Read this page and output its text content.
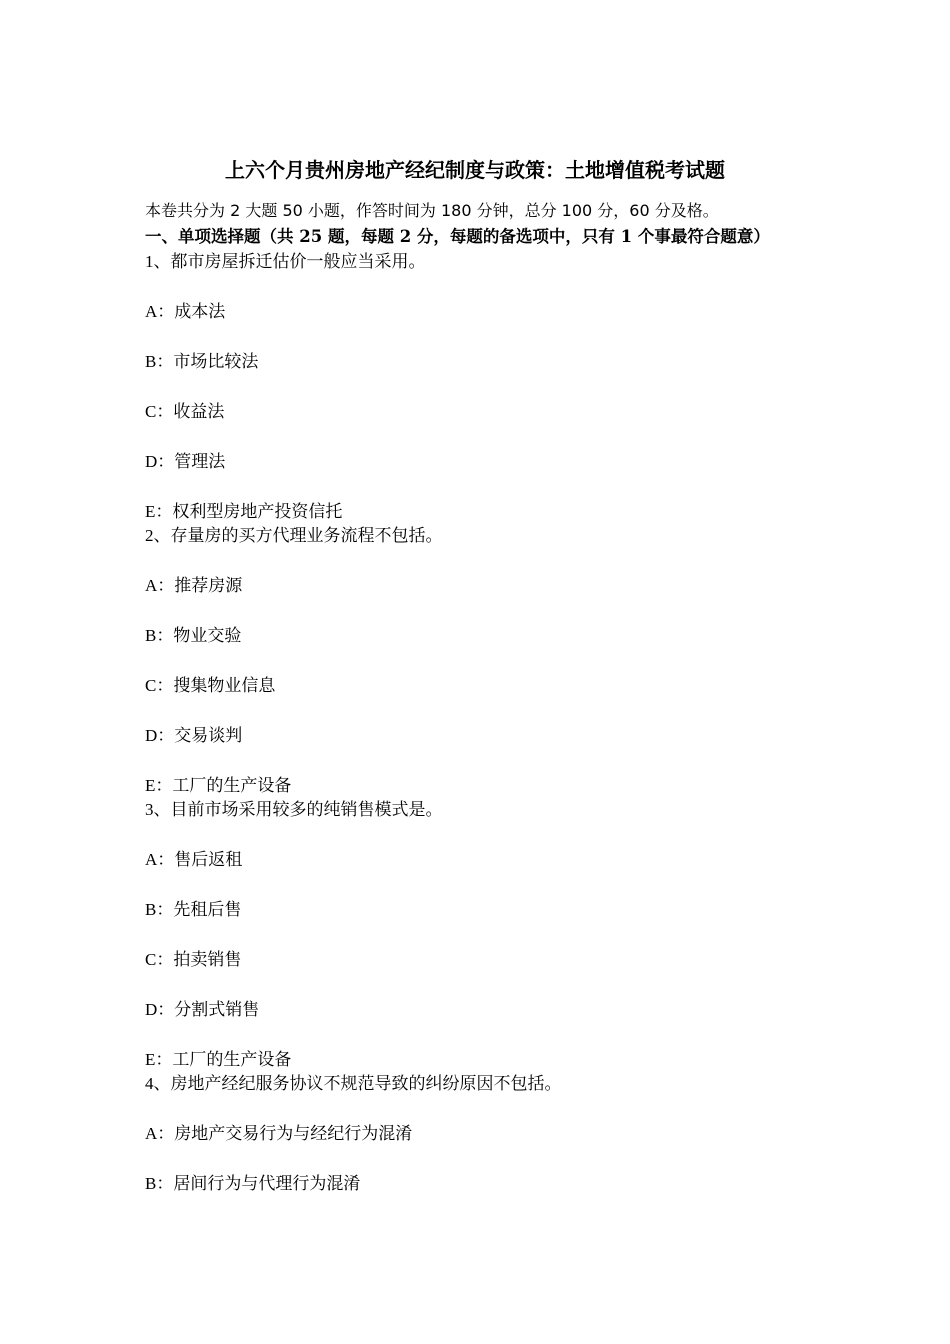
上六个月贵州房地产经纪制度与政策：土地增值税考试题
本卷共分为 2 大题 50 小题，作答时间为 180 分钟，总分 100 分，60 分及格。
一、单项选择题（共 25 题，每题 2 分，每题的备选项中，只有 1 个事最符合题意）
1、都市房屋拆迁估价一般应当采用。
A：成本法
B：市场比较法
C：收益法
D：管理法
E：权利型房地产投资信托
2、存量房的买方代理业务流程不包括。
A：推荐房源
B：物业交验
C：搜集物业信息
D：交易谈判
E：工厂的生产设备
3、目前市场采用较多的纯销售模式是。
A：售后返租
B：先租后售
C：拍卖销售
D：分割式销售
E：工厂的生产设备
4、房地产经纪服务协议不规范导致的纠纷原因不包括。
A：房地产交易行为与经纪行为混淆
B：居间行为与代理行为混淆
